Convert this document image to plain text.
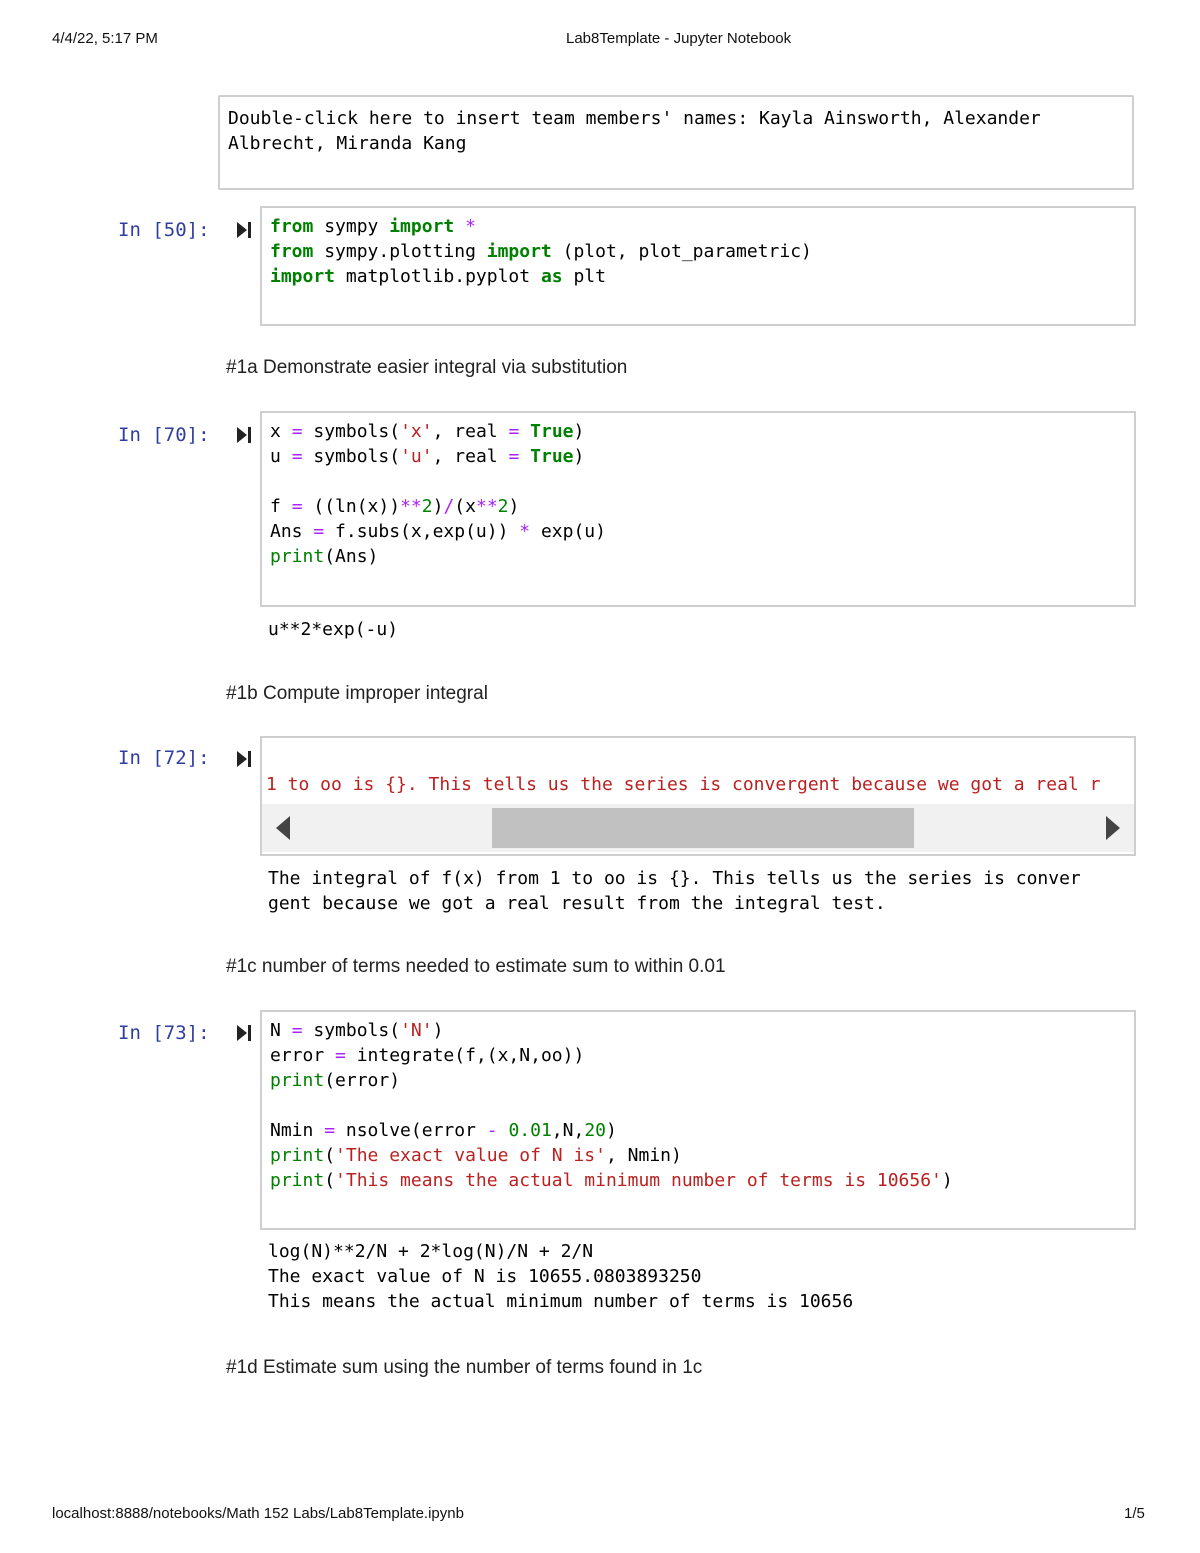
4/4/22, 5:17 PM	Lab8Template - Jupyter Notebook
Double-click here to insert team members' names: Kayla Ainsworth, Alexander
Albrecht, Miranda Kang
In [50]:	from sympy import *
from sympy.plotting import (plot, plot_parametric)
import matplotlib.pyplot as plt
#1a Demonstrate easier integral via substitution
In [70]:	x = symbols('x', real = True)
u = symbols('u', real = True)

f = ((ln(x))**2)/(x**2)
Ans = f.subs(x,exp(u)) * exp(u)
print(Ans)
u**2*exp(-u)
#1b Compute improper integral
In [72]:
1 to oo is {}. This tells us the series is convergent because we got a real r
The integral of f(x) from 1 to oo is {}. This tells us the series is conver
gent because we got a real result from the integral test.
#1c number of terms needed to estimate sum to within 0.01
In [73]:	N = symbols('N')
error = integrate(f,(x,N,oo))
print(error)

Nmin = nsolve(error - 0.01,N,20)
print('The exact value of N is', Nmin)
print('This means the actual minimum number of terms is 10656')
log(N)**2/N + 2*log(N)/N + 2/N
The exact value of N is 10655.0803893250
This means the actual minimum number of terms is 10656
#1d Estimate sum using the number of terms found in 1c
localhost:8888/notebooks/Math 152 Labs/Lab8Template.ipynb	1/5
